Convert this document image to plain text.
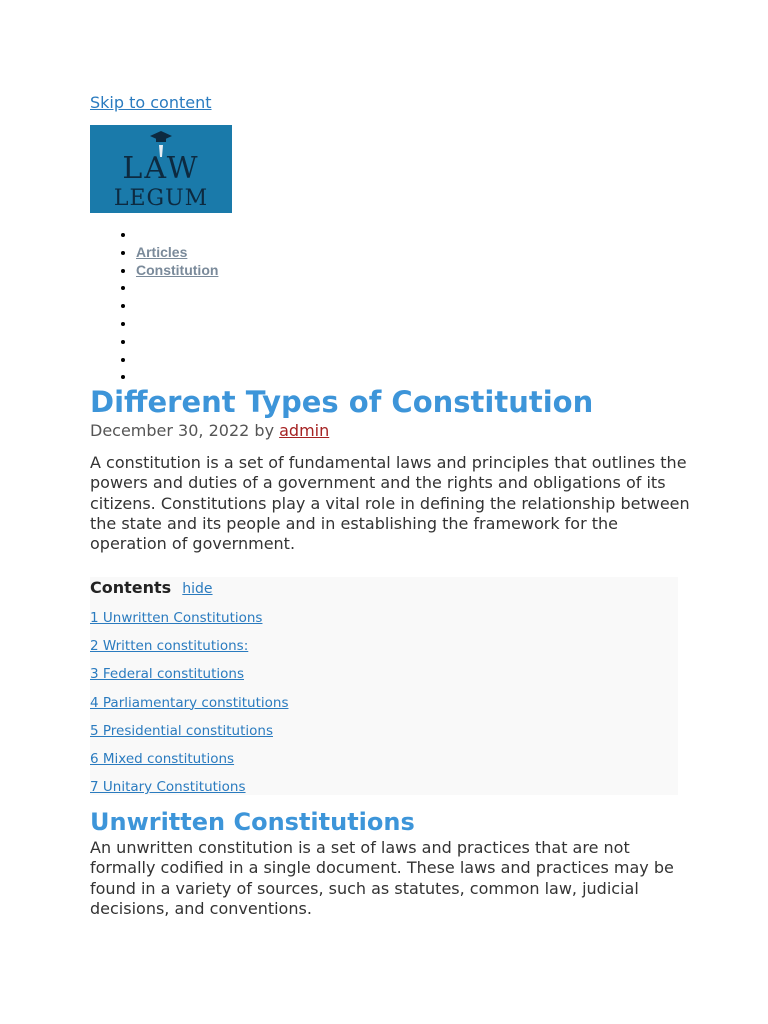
Skip to content
LAW
LEGUM
•
• Articles
• Constitution
•
•
•
•
•
•
Different Types of Constitution
December 30, 2022 by admin

A constitution is a set of fundamental laws and principles that outlines the powers and duties of a government and the rights and obligations of its citizens. Constitutions play a vital role in defining the relationship between the state and its people and in establishing the framework for the operation of government.

Contents hide
1 Unwritten Constitutions
2 Written constitutions:
3 Federal constitutions
4 Parliamentary constitutions
5 Presidential constitutions
6 Mixed constitutions
7 Unitary Constitutions
Unwritten Constitutions

An unwritten constitution is a set of laws and practices that are not formally codified in a single document. These laws and practices may be found in a variety of sources, such as statutes, common law, judicial decisions, and conventions.
